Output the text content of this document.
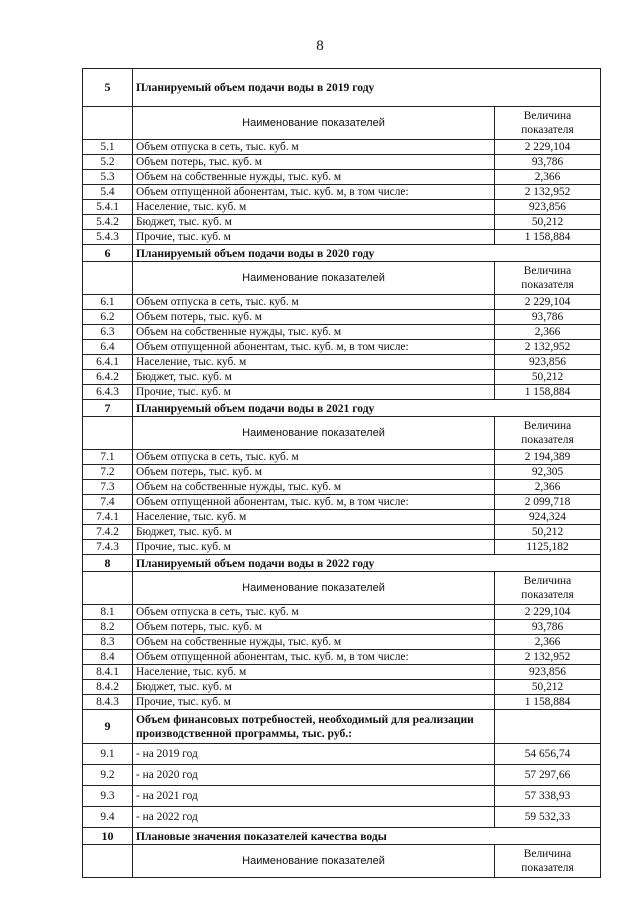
8
5	Планируемый объем подачи воды в 2019 году	
	Наименование показателей	Величина
показателя

5.1	Объем отпуска в сеть, тыс. куб. м	2 229,104
5.2	Объем потерь, тыс. куб. м	93,786
5.3	Объем на собственные нужды, тыс. куб. м	2,366
5.4	Объем отпущенной абонентам, тыс. куб. м, в том числе:	2 132,952
5.4.1	Население, тыс. куб. м	923,856
5.4.2	Бюджет, тыс. куб. м	50,212
5.4.3	Прочие, тыс. куб. м	1 158,884
6	Планируемый объем подачи воды в 2020 году	
	Наименование показателей	Величина
показателя

6.1	Объем отпуска в сеть, тыс. куб. м	2 229,104
6.2	Объем потерь, тыс. куб. м	93,786
6.3	Объем на собственные нужды, тыс. куб. м	2,366
6.4	Объем отпущенной абонентам, тыс. куб. м, в том числе:	2 132,952
6.4.1	Население, тыс. куб. м	923,856
6.4.2	Бюджет, тыс. куб. м	50,212
6.4.3	Прочие, тыс. куб. м	1 158,884
7	Планируемый объем подачи воды в 2021 году	
	Наименование показателей	Величина
показателя

7.1	Объем отпуска в сеть, тыс. куб. м	2 194,389
7.2	Объем потерь, тыс. куб. м	92,305
7.3	Объем на собственные нужды, тыс. куб. м	2,366
7.4	Объем отпущенной абонентам, тыс. куб. м, в том числе:	2 099,718
7.4.1	Население, тыс. куб. м	924,324
7.4.2	Бюджет, тыс. куб. м	50,212
7.4.3	Прочие, тыс. куб. м	1125,182
8	Планируемый объем подачи воды в 2022 году	
	Наименование показателей	Величина
показателя

8.1	Объем отпуска в сеть, тыс. куб. м	2 229,104
8.2	Объем потерь, тыс. куб. м	93,786
8.3	Объем на собственные нужды, тыс. куб. м	2,366
8.4	Объем отпущенной абонентам, тыс. куб. м, в том числе:	2 132,952
8.4.1	Население, тыс. куб. м	923,856
8.4.2	Бюджет, тыс. куб. м	50,212
8.4.3	Прочие, тыс. куб. м	1 158,884
9	Объем финансовых потребностей, необходимый для реализации производственной программы, тыс. руб.:	
9.1	- на 2019 год	54 656,74
9.2	- на 2020 год	57 297,66
9.3	- на 2021 год	57 338,93
9.4	- на 2022 год	59 532,33
10	Плановые значения показателей качества воды	
	Наименование показателей	Величина
показателя
